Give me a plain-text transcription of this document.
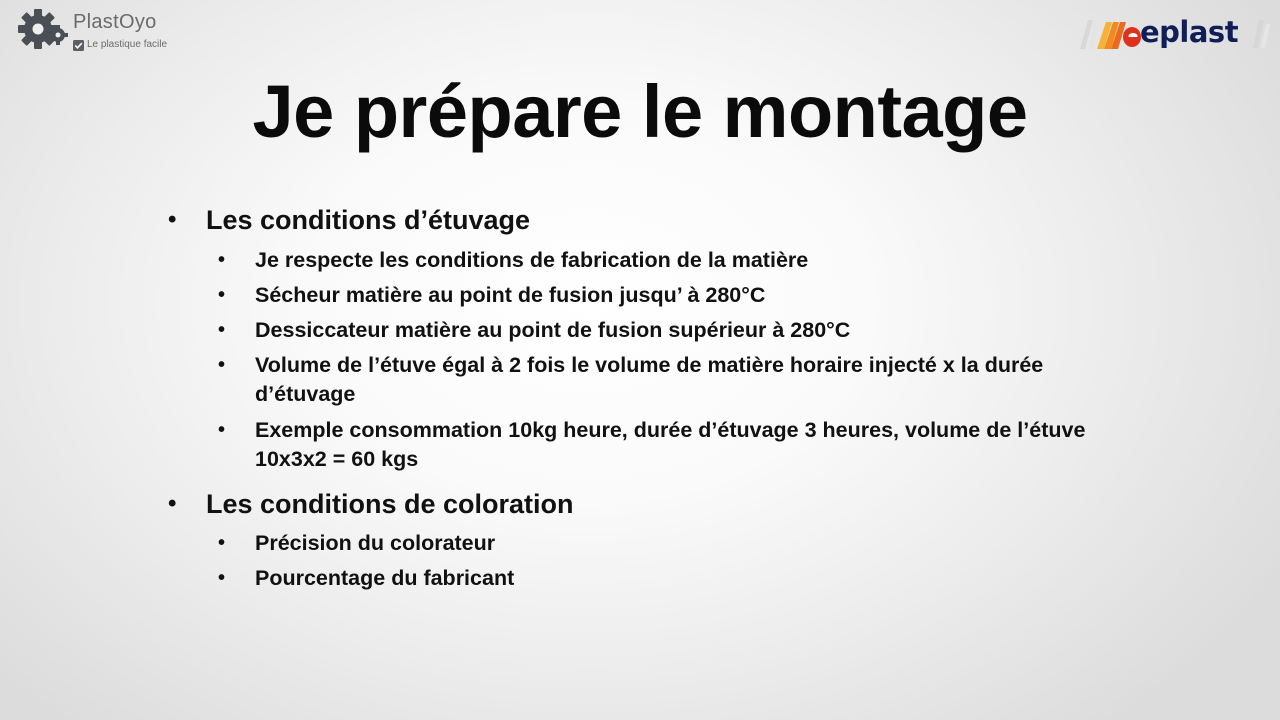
PlastOyo
Le plastique facile	eplast
Je prépare le montage
• Les conditions d’étuvage
• Je respecte les conditions de fabrication de la matière
• Sécheur matière au point de fusion jusqu’ à 280°C
• Dessiccateur matière au point de fusion supérieur à 280°C
• Volume de l’étuve égal à 2 fois le volume de matière horaire injecté x la durée d’étuvage
• Exemple consommation 10kg heure, durée d’étuvage 3 heures, volume de l’étuve 10x3x2 = 60 kgs
• Les conditions de coloration
• Précision du colorateur
• Pourcentage du fabricant
